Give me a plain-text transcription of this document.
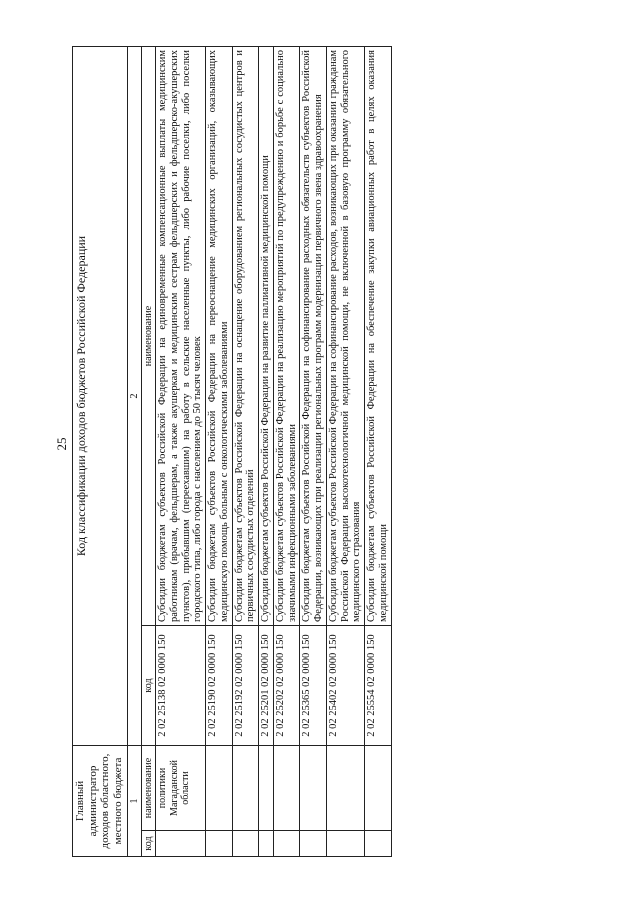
25
Главный администратор доходов областного, местного бюджета		Код классификации доходов бюджетов Российской Федерации	
1		2	
код	наименование	код	наименование
	политики Магаданской области	2 02 25138 02 0000 150	Субсидии бюджетам субъектов Российской Федерации на единовременные компенсационные выплаты медицинским работникам (врачам, фельдшерам, а также акушеркам и медицинским сестрам фельдшерских и фельдшерско-акушерских пунктов), прибывшим (переехавшим) на работу в сельские населенные пункты, либо рабочие поселки, либо поселки городского типа, либо города с населением до 50 тысяч человек
		2 02 25190 02 0000 150	Субсидии бюджетам субъектов Российской Федерации на переоснащение медицинских организаций, оказывающих медицинскую помощь больным с онкологическими заболеваниями
		2 02 25192 02 0000 150	Субсидии бюджетам субъектов Российской Федерации на оснащение оборудованием региональных сосудистых центров и первичных сосудистых отделений
		2 02 25201 02 0000 150	Субсидии бюджетам субъектов Российской Федерации на развитие паллиативной медицинской помощи
		2 02 25202 02 0000 150	Субсидии бюджетам субъектов Российской Федерации на реализацию мероприятий по предупреждению и борьбе с социально значимыми инфекционными заболеваниями
		2 02 25365 02 0000 150	Субсидии бюджетам субъектов Российской Федерации на софинансирование расходных обязательств субъектов Российской Федерации, возникающих при реализации региональных программ модернизации первичного звена здравоохранения
		2 02 25402 02 0000 150	Субсидии бюджетам субъектов Российской Федерации на софинансирование расходов, возникающих при оказании гражданам Российской Федерации высокотехнологичной медицинской помощи, не включенной в базовую программу обязательного медицинского страхования
		2 02 25554 02 0000 150	Субсидии бюджетам субъектов Российской Федерации на обеспечение закупки авиационных работ в целях оказания медицинской помощи
